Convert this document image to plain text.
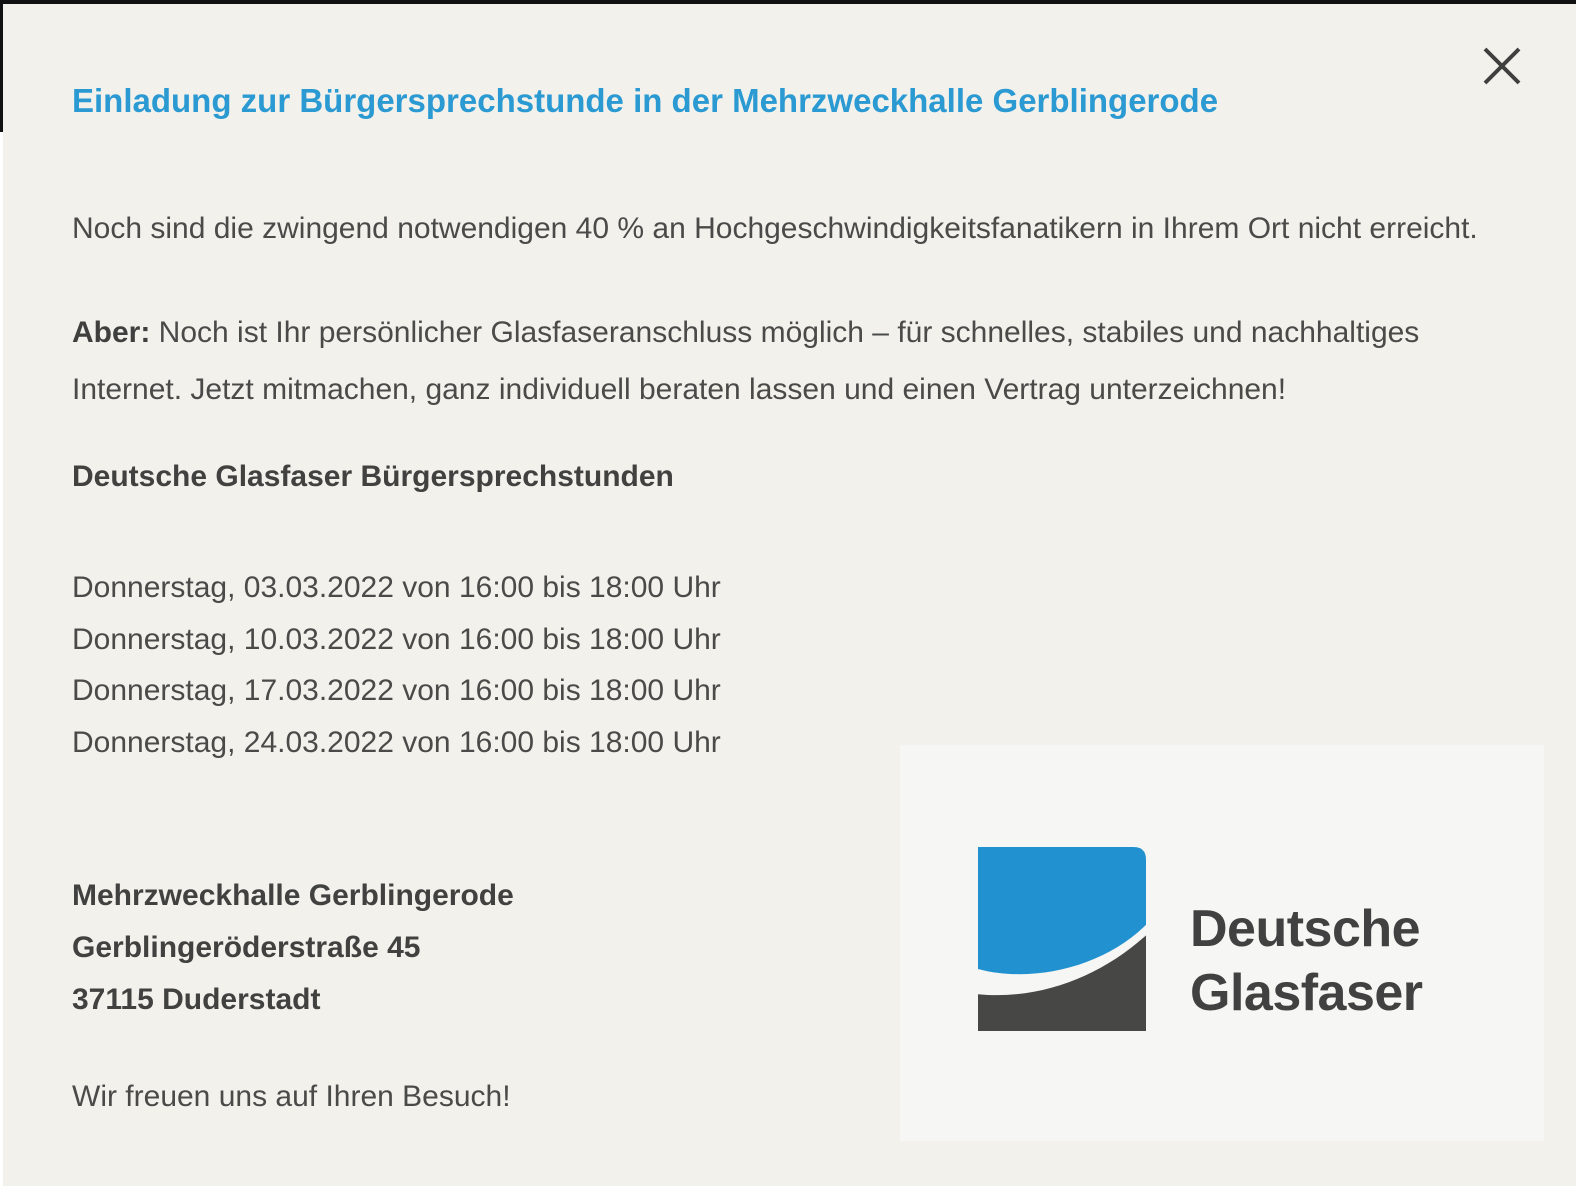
Einladung zur Bürgersprechstunde in der Mehrzweckhalle Gerblingerode
Noch sind die zwingend notwendigen 40 % an Hochgeschwindigkeitsfanatikern in Ihrem Ort nicht erreicht.
Aber: Noch ist Ihr persönlicher Glasfaseranschluss möglich – für schnelles, stabiles und nachhaltiges Internet. Jetzt mitmachen, ganz individuell beraten lassen und einen Vertrag unterzeichnen!
Deutsche Glasfaser Bürgersprechstunden
Donnerstag, 03.03.2022 von 16:00 bis 18:00 Uhr
Donnerstag, 10.03.2022 von 16:00 bis 18:00 Uhr
Donnerstag, 17.03.2022 von 16:00 bis 18:00 Uhr
Donnerstag, 24.03.2022 von 16:00 bis 18:00 Uhr
Mehrzweckhalle Gerblingerode
Gerblingeröderstraße 45
37115 Duderstadt
Wir freuen uns auf Ihren Besuch!
Deutsche
Glasfaser
